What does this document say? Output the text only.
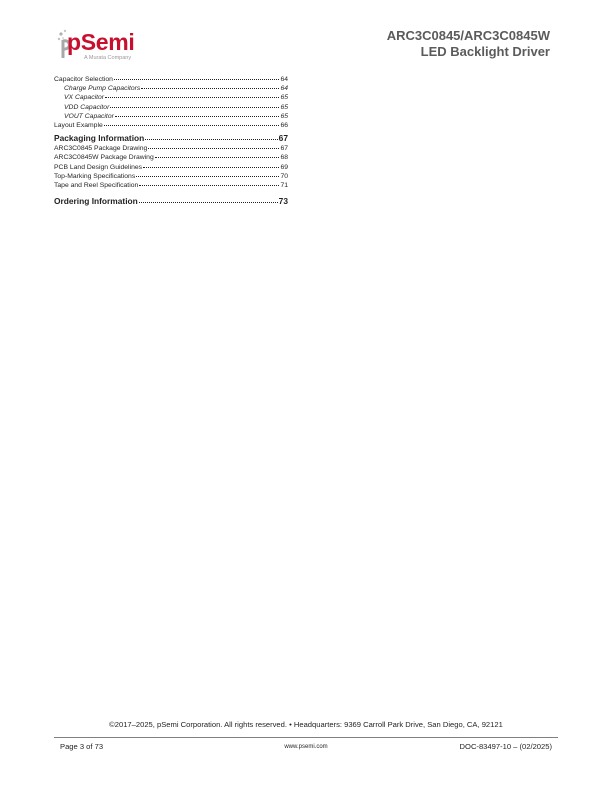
pSemi
A Murata Company
ARC3C0845/ARC3C0845W
LED Backlight Driver
Capacitor Selection	64
Charge Pump Capacitors	64
VX Capacitor	65
VDD Capacitor	65
VOUT Capacitor	65
Layout Example	66
Packaging Information	67
ARC3C0845 Package Drawing	67
ARC3C0845W Package Drawing	68
PCB Land Design Guidelines	69
Top-Marking Specifications	70
Tape and Reel Specification	71
Ordering Information	73
©2017–2025, pSemi Corporation. All rights reserved. • Headquarters: 9369 Carroll Park Drive, San Diego, CA, 92121
Page 3 of 73	www.psemi.com	DOC-83497-10 – (02/2025)
